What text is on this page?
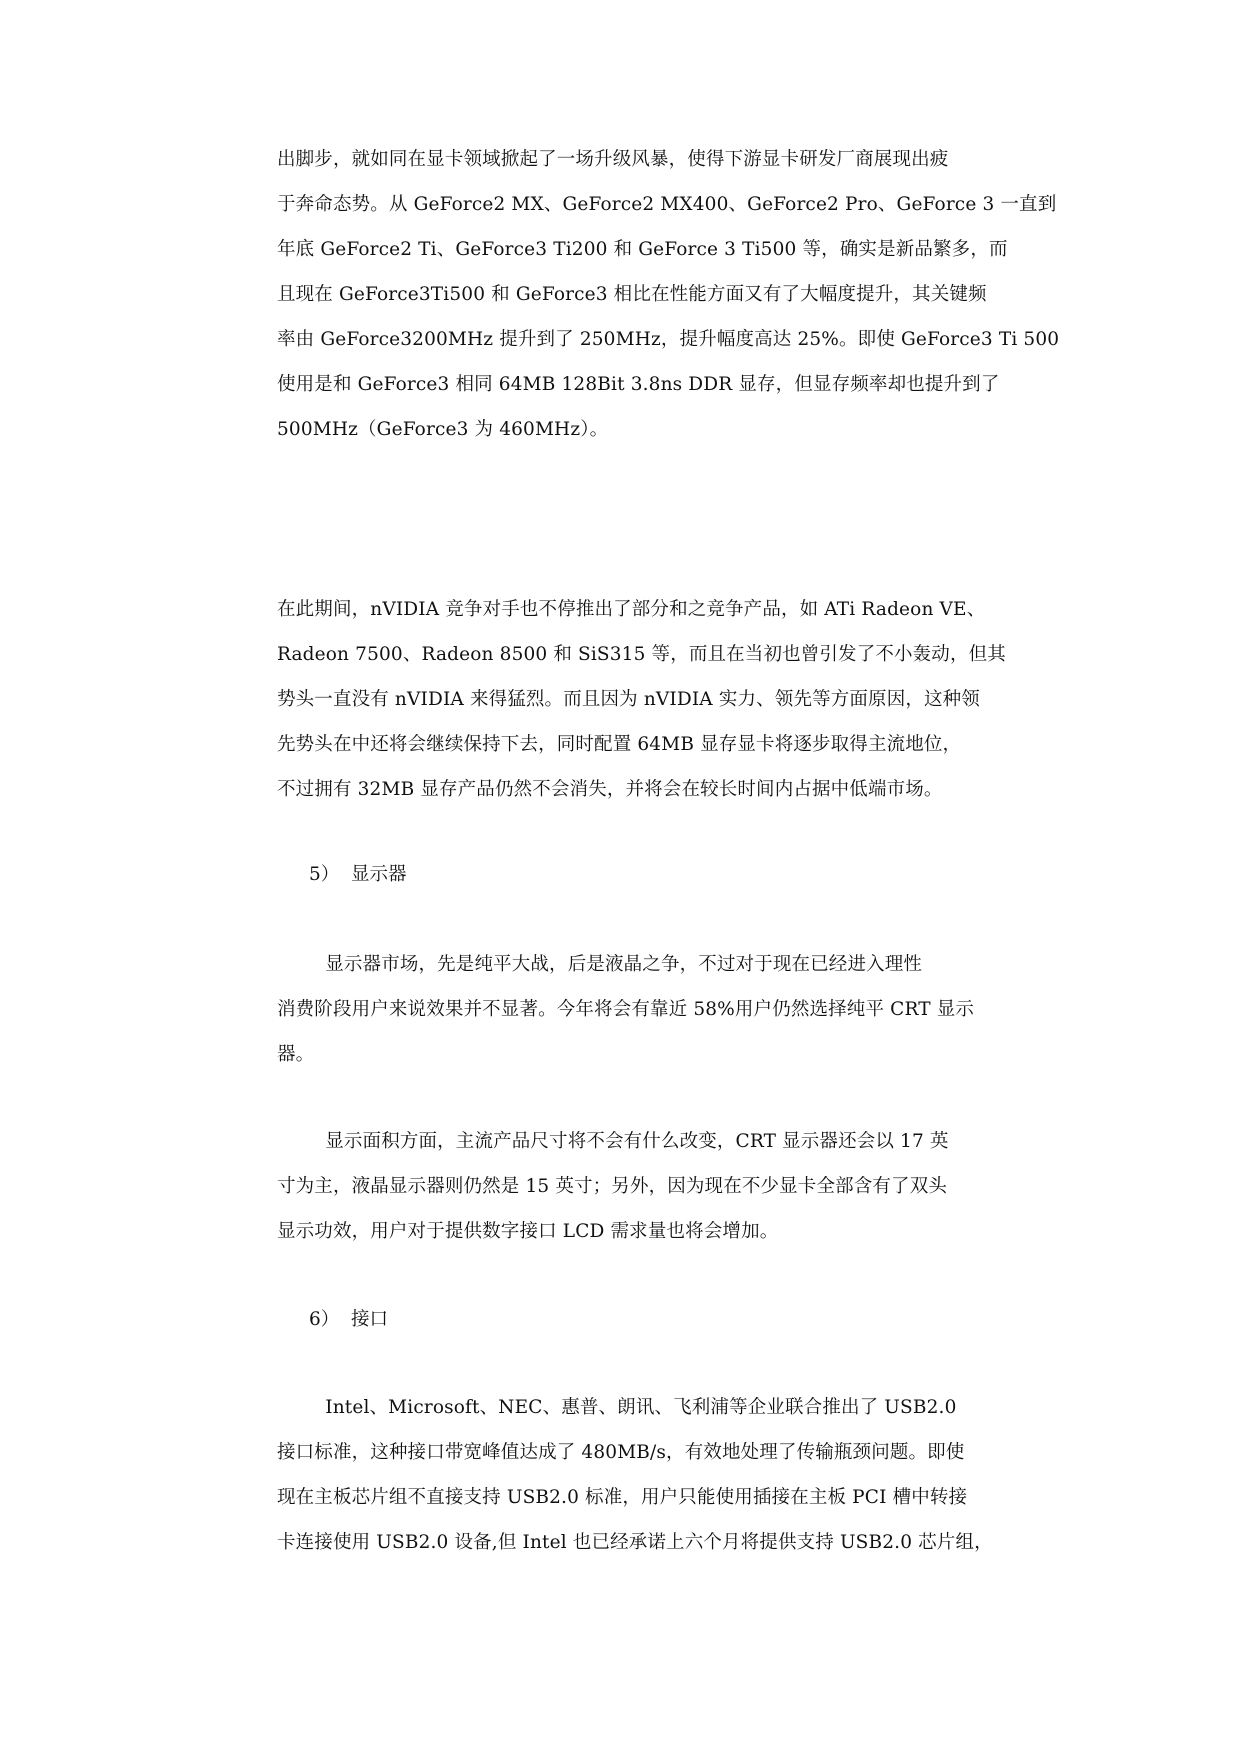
出脚步，就如同在显卡领域掀起了一场升级风暴，使得下游显卡研发厂商展现出疲
于奔命态势。从 GeForce2 MX、GeForce2 MX400、GeForce2 Pro、GeForce 3 一直到
年底 GeForce2 Ti、GeForce3 Ti200 和 GeForce 3 Ti500 等，确实是新品繁多，而
且现在 GeForce3Ti500 和 GeForce3 相比在性能方面又有了大幅度提升，其关键频
率由 GeForce3200MHz 提升到了 250MHz，提升幅度高达 25%。即使 GeForce3 Ti 500
使用是和 GeForce3 相同 64MB 128Bit 3.8ns DDR 显存，但显存频率却也提升到了
500MHz（GeForce3 为 460MHz）。
在此期间，nVIDIA 竞争对手也不停推出了部分和之竞争产品，如 ATi Radeon VE、
Radeon 7500、Radeon 8500 和 SiS315 等，而且在当初也曾引发了不小轰动，但其
势头一直没有 nVIDIA 来得猛烈。而且因为 nVIDIA 实力、领先等方面原因，这种领
先势头在中还将会继续保持下去，同时配置 64MB 显存显卡将逐步取得主流地位，
不过拥有 32MB 显存产品仍然不会消失，并将会在较长时间内占据中低端市场。
5）  显示器
显示器市场，先是纯平大战，后是液晶之争，不过对于现在已经进入理性
消费阶段用户来说效果并不显著。今年将会有靠近 58%用户仍然选择纯平 CRT 显示
器。
显示面积方面，主流产品尺寸将不会有什么改变，CRT 显示器还会以 17 英
寸为主，液晶显示器则仍然是 15 英寸；另外，因为现在不少显卡全部含有了双头
显示功效，用户对于提供数字接口 LCD 需求量也将会增加。
6）  接口
Intel、Microsoft、NEC、惠普、朗讯、飞利浦等企业联合推出了 USB2.0
接口标准，这种接口带宽峰值达成了 480MB/s，有效地处理了传输瓶颈问题。即使
现在主板芯片组不直接支持 USB2.0 标准，用户只能使用插接在主板 PCI 槽中转接
卡连接使用 USB2.0 设备,但 Intel 也已经承诺上六个月将提供支持 USB2.0 芯片组，
